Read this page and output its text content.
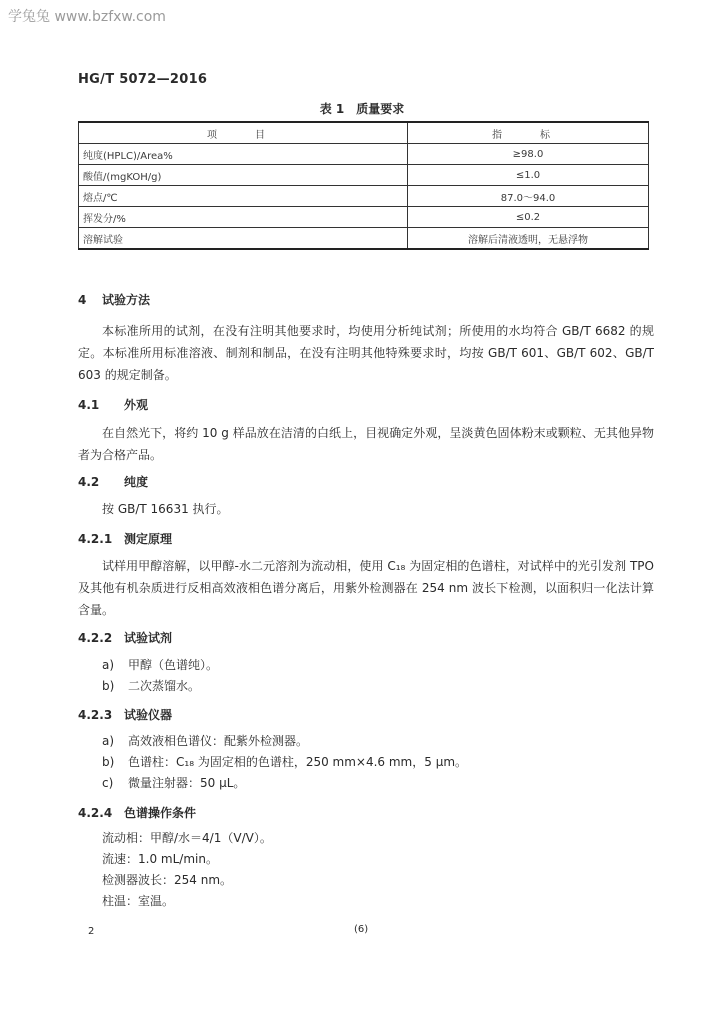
学兔兔 www.bzfxw.com
HG/T 5072—2016
表 1　质量要求
项　目	指　标
纯度(HPLC)/Area%	≥98.0
酸值/(mgKOH/g)	≤1.0
熔点/℃	87.0～94.0
挥发分/%	≤0.2
溶解试验	溶解后清液透明，无悬浮物
4 试验方法
本标准所用的试剂，在没有注明其他要求时，均使用分析纯试剂；所使用的水均符合 GB/T 6682 的规定。本标准所用标准溶液、制剂和制品，在没有注明其他特殊要求时，均按 GB/T 601、GB/T 602、GB/T 603 的规定制备。
4.1 外观
在自然光下，将约 10 g 样品放在洁清的白纸上，目视确定外观，呈淡黄色固体粉末或颗粒、无其他异物者为合格产品。
4.2 纯度
按 GB/T 16631 执行。
4.2.1 测定原理
试样用甲醇溶解，以甲醇-水二元溶剂为流动相，使用 C₁₈ 为固定相的色谱柱，对试样中的光引发剂 TPO 及其他有机杂质进行反相高效液相色谱分离后，用紫外检测器在 254 nm 波长下检测，以面积归一化法计算含量。
4.2.2 试验试剂
a) 甲醇（色谱纯）。
b) 二次蒸馏水。
4.2.3 试验仪器
a) 高效液相色谱仪：配紫外检测器。
b) 色谱柱：C₁₈ 为固定相的色谱柱，250 mm×4.6 mm，5 μm。
c) 微量注射器：50 μL。
4.2.4 色谱操作条件
流动相：甲醇/水＝4/1（V/V）。
流速：1.0 mL/min。
检测器波长：254 nm。
柱温：室温。
2	(6)
